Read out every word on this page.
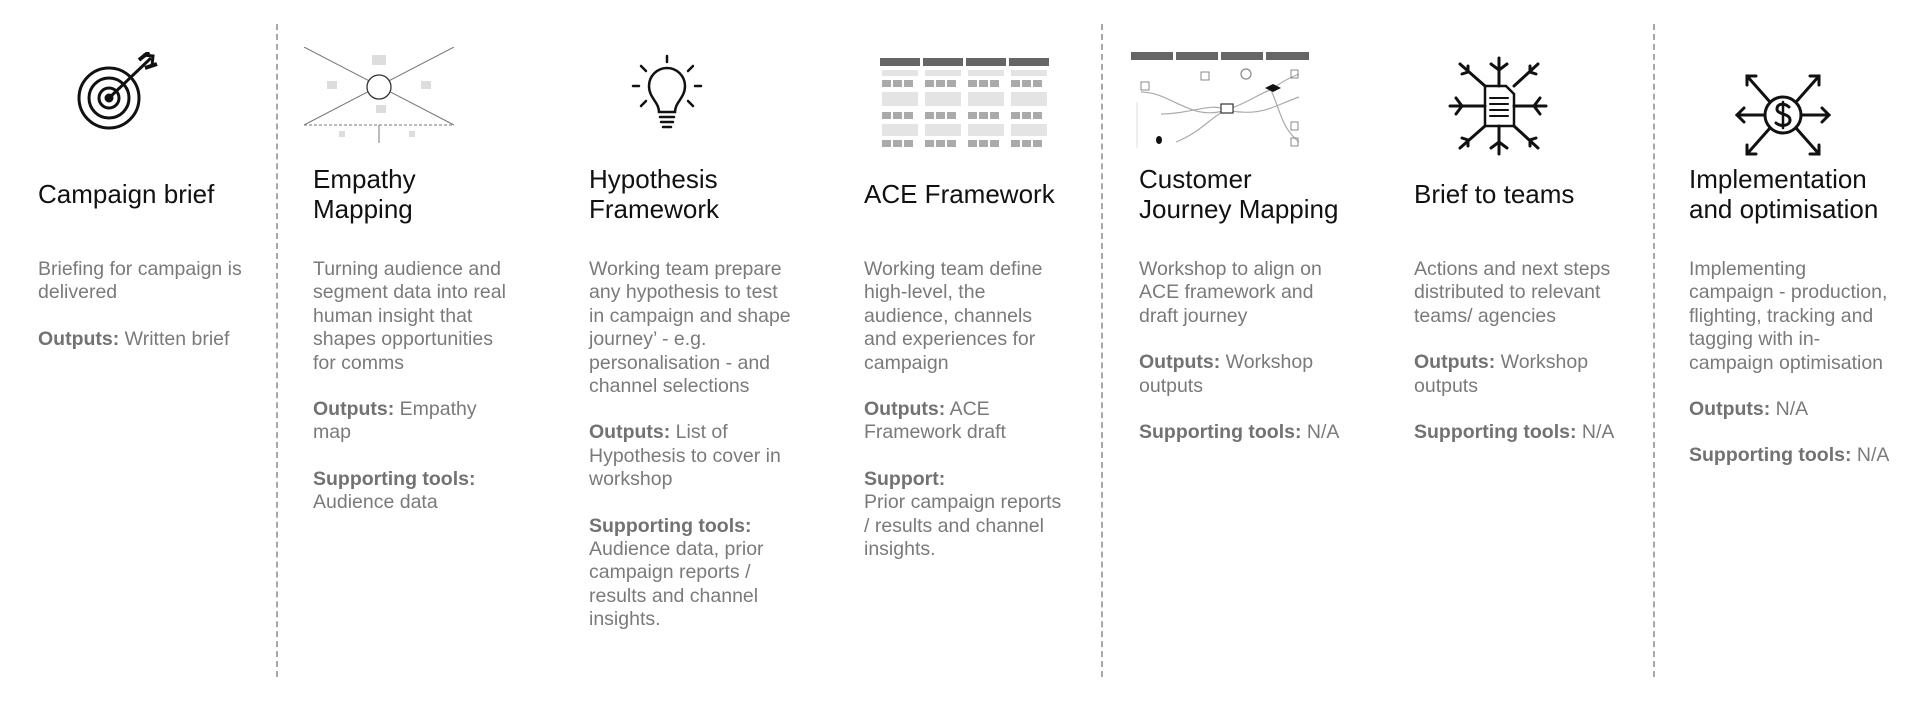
Campaign brief

Briefing for campaign is delivered

Outputs: Written brief

Empathy
Mapping

Turning audience and segment data into real human insight that shapes opportunities for comms

Outputs: Empathy map

Supporting tools:
Audience data

Hypothesis
Framework

Working team prepare any hypothesis to test in campaign and shape journey’ - e.g. personalisation - and channel selections

Outputs: List of Hypothesis to cover in workshop

Supporting tools:
Audience data, prior campaign reports / results and channel insights.

ACE Framework

Working team define high-level, the audience, channels and experiences for campaign

Outputs: ACE Framework draft

Support:
Prior campaign reports / results and channel insights.

Customer
Journey Mapping

Workshop to align on ACE framework and draft journey

Outputs: Workshop outputs

Supporting tools: N/A

Brief to teams

Actions and next steps distributed to relevant teams/ agencies

Outputs: Workshop outputs

Supporting tools: N/A

Implementation
and optimisation

Implementing campaign - production, flighting, tracking and tagging with in-campaign optimisation

Outputs: N/A

Supporting tools: N/A
